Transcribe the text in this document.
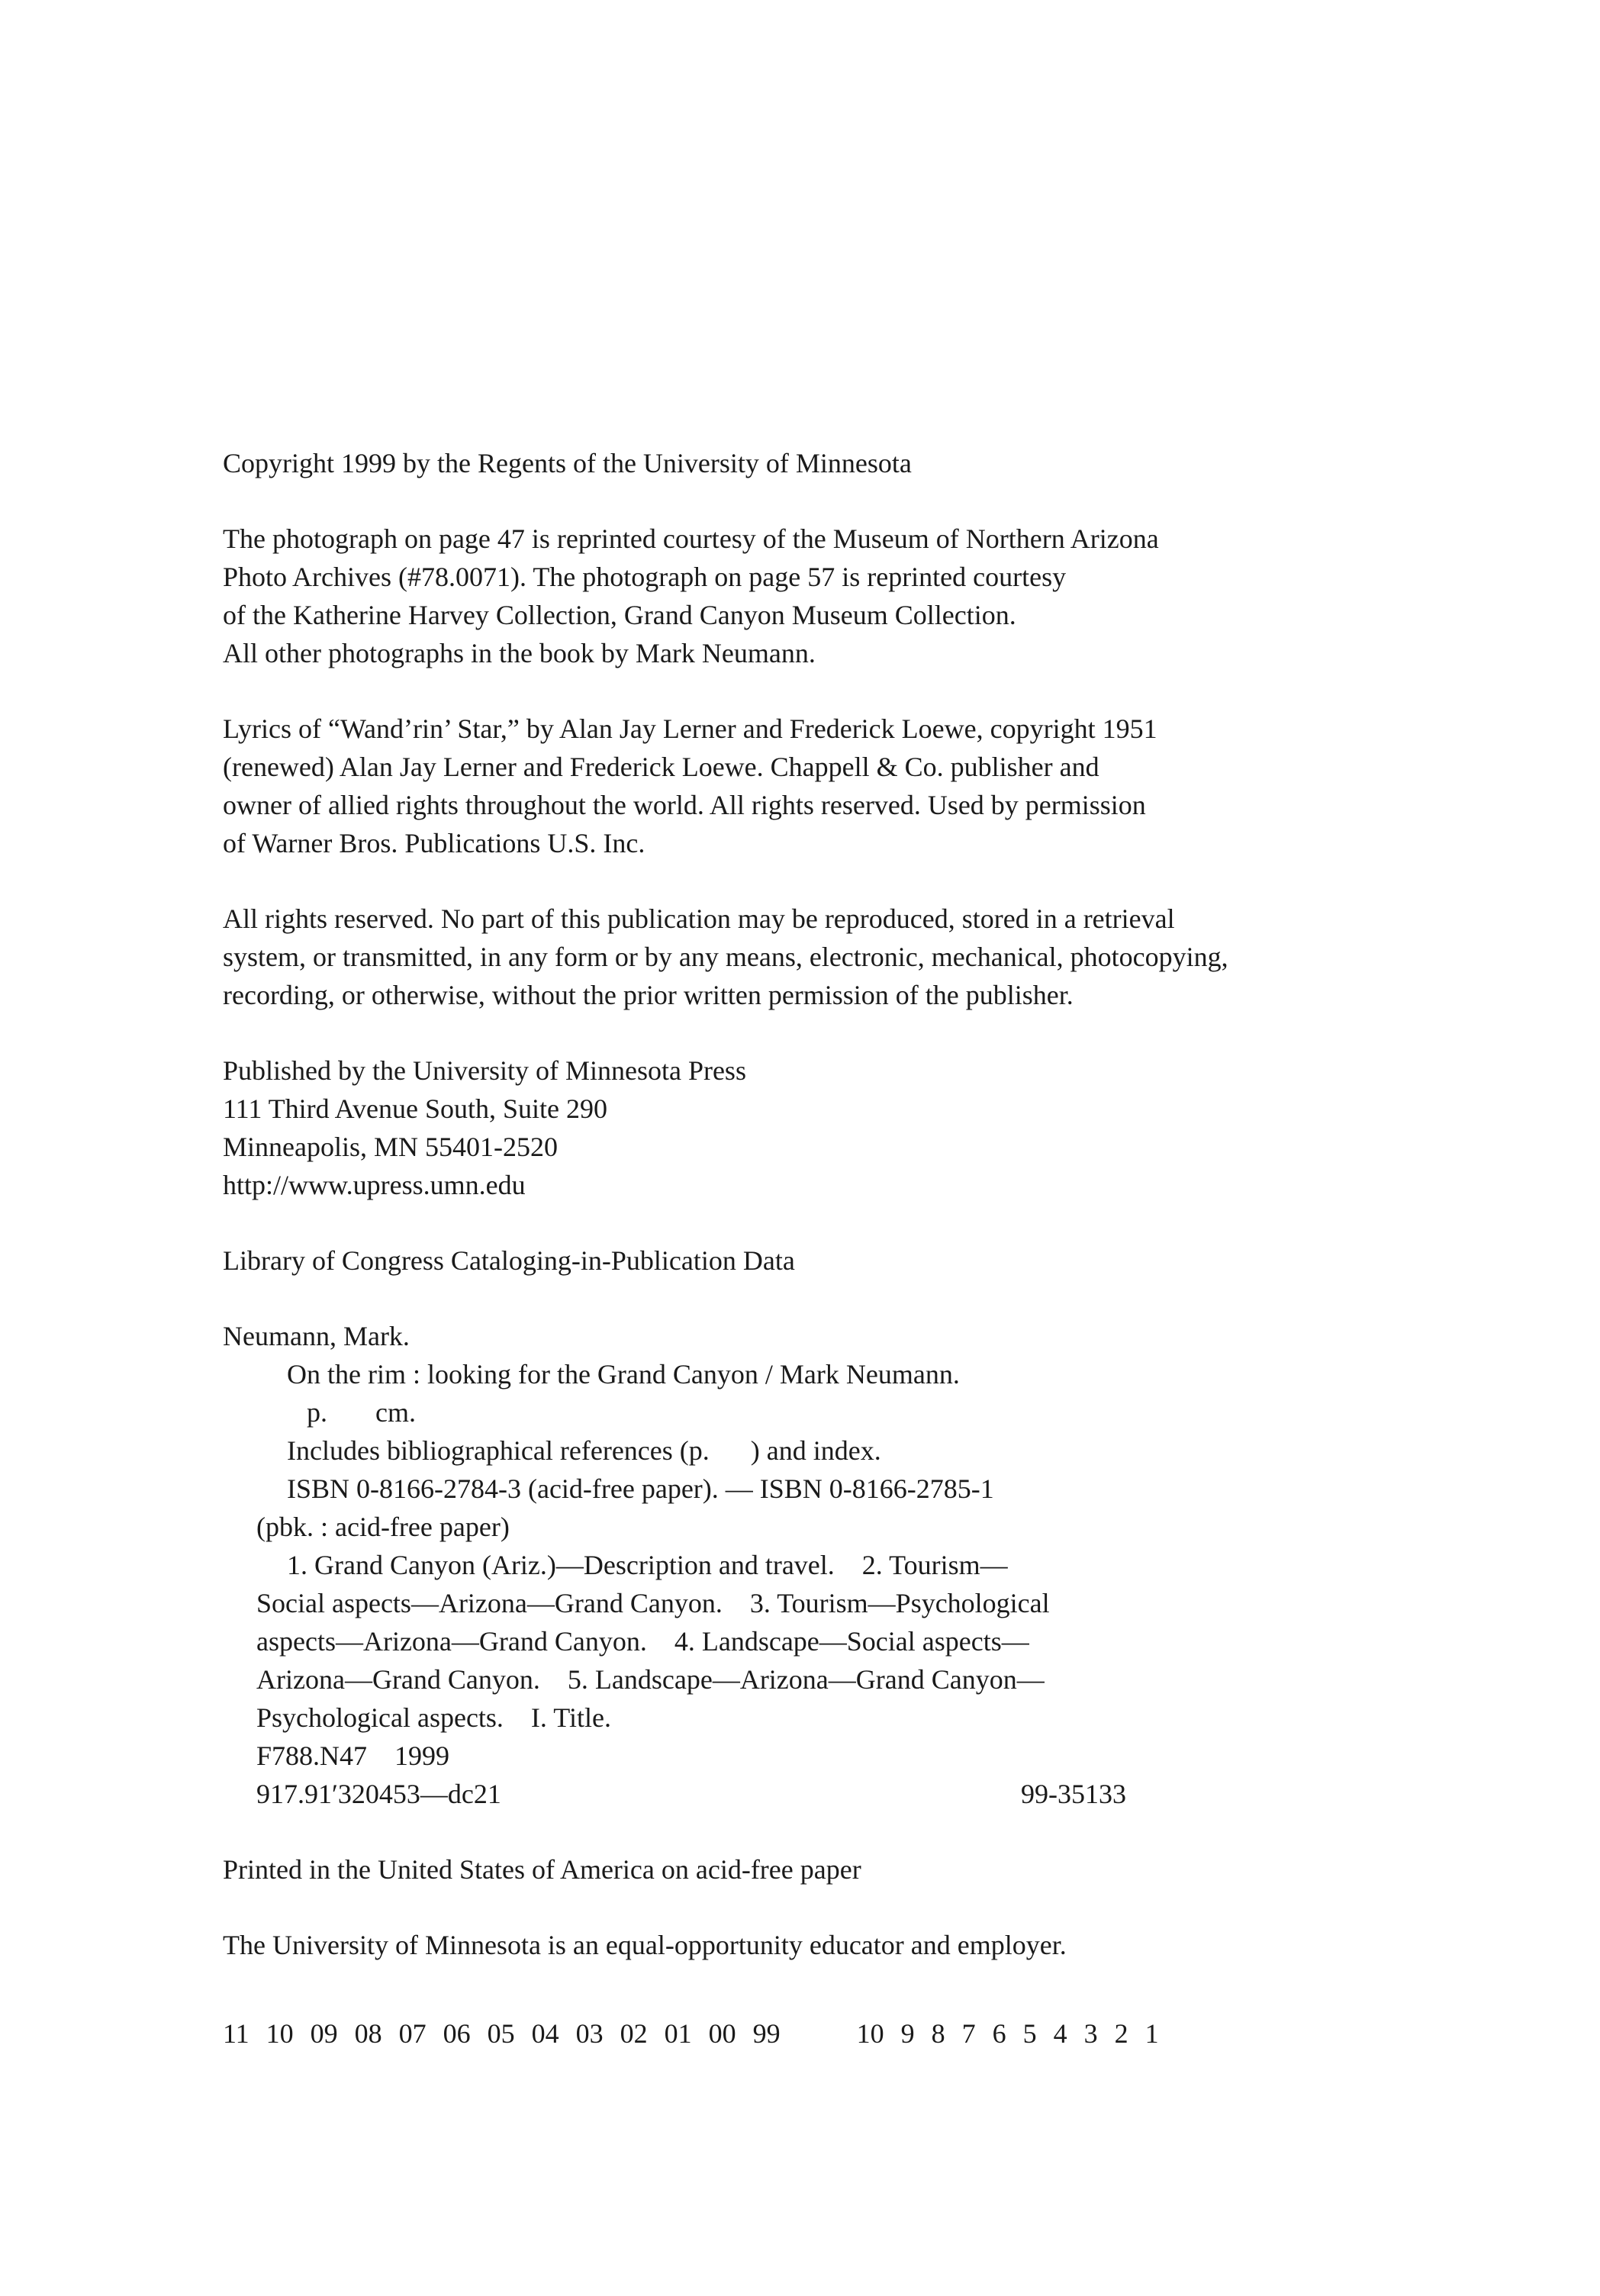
Copyright 1999 by the Regents of the University of Minnesota

The photograph on page 47 is reprinted courtesy of the Museum of Northern Arizona
Photo Archives (#78.0071). The photograph on page 57 is reprinted courtesy
of the Katherine Harvey Collection, Grand Canyon Museum Collection.
All other photographs in the book by Mark Neumann.

Lyrics of “Wand’rin’ Star,” by Alan Jay Lerner and Frederick Loewe, copyright 1951
(renewed) Alan Jay Lerner and Frederick Loewe. Chappell & Co. publisher and
owner of allied rights throughout the world. All rights reserved. Used by permission
of Warner Bros. Publications U.S. Inc.

All rights reserved. No part of this publication may be reproduced, stored in a retrieval
system, or transmitted, in any form or by any means, electronic, mechanical, photocopying,
recording, or otherwise, without the prior written permission of the publisher.

Published by the University of Minnesota Press
111 Third Avenue South, Suite 290
Minneapolis, MN 55401-2520
http://www.upress.umn.edu

Library of Congress Cataloging-in-Publication Data

Neumann, Mark.
On the rim : looking for the Grand Canyon / Mark Neumann.
p.       cm.
Includes bibliographical references (p.      ) and index.
ISBN 0-8166-2784-3 (acid-free paper). — ISBN 0-8166-2785-1
(pbk. : acid-free paper)
1. Grand Canyon (Ariz.)—Description and travel.    2. Tourism—
Social aspects—Arizona—Grand Canyon.    3. Tourism—Psychological
aspects—Arizona—Grand Canyon.    4. Landscape—Social aspects—
Arizona—Grand Canyon.    5. Landscape—Arizona—Grand Canyon—
Psychological aspects.    I. Title.
F788.N47    1999
917.91′320453—dc21	99-35133

Printed in the United States of America on acid-free paper

The University of Minnesota is an equal-opportunity educator and employer.

11 10 09 08 07 06 05 04 03 02 01 00 99	10 9 8 7 6 5 4 3 2 1
